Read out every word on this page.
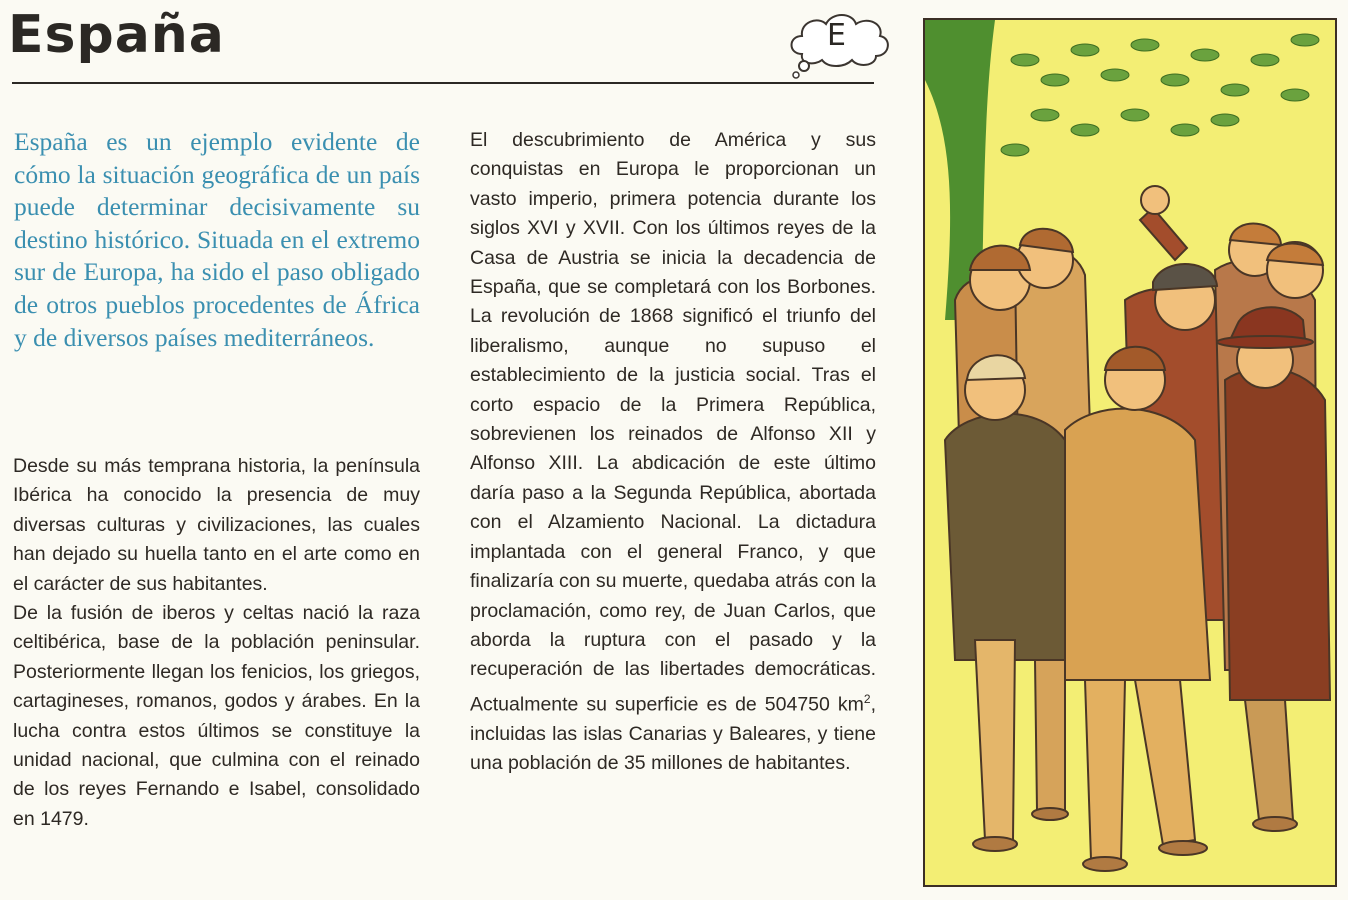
España	E

España es un ejemplo evidente de cómo la situación geográfica de un país puede determinar decisivamente su destino histórico. Situada en el extremo sur de Europa, ha sido el paso obligado de otros pueblos procedentes de África y de diversos países mediterráneos.

Desde su más temprana historia, la península Ibérica ha conocido la presencia de muy diversas culturas y civilizaciones, las cuales han dejado su huella tanto en el arte como en el carácter de sus habitantes.

De la fusión de iberos y celtas nació la raza celtibérica, base de la población peninsular. Posteriormente llegan los fenicios, los griegos, cartagineses, romanos, godos y árabes. En la lucha contra estos últimos se constituye la unidad nacional, que culmina con el reinado de los reyes Fernando e Isabel, consolidado en 1479.

El descubrimiento de América y sus conquistas en Europa le proporcionan un vasto imperio, primera potencia durante los siglos XVI y XVII. Con los últimos reyes de la Casa de Austria se inicia la decadencia de España, que se completará con los Borbones. La revolución de 1868 significó el triunfo del liberalismo, aunque no supuso el establecimiento de la justicia social. Tras el corto espacio de la Primera República, sobrevienen los reinados de Alfonso XII y Alfonso XIII. La abdicación de este último daría paso a la Segunda República, abortada con el Alzamiento Nacional. La dictadura implantada con el general Franco, y que finalizaría con su muerte, quedaba atrás con la proclamación, como rey, de Juan Carlos, que aborda la ruptura con el pasado y la recuperación de las libertades democráticas. Actualmente su superficie es de 504750 $km^2$, incluidas las islas Canarias y Baleares, y tiene una población de 35 millones de habitantes.
